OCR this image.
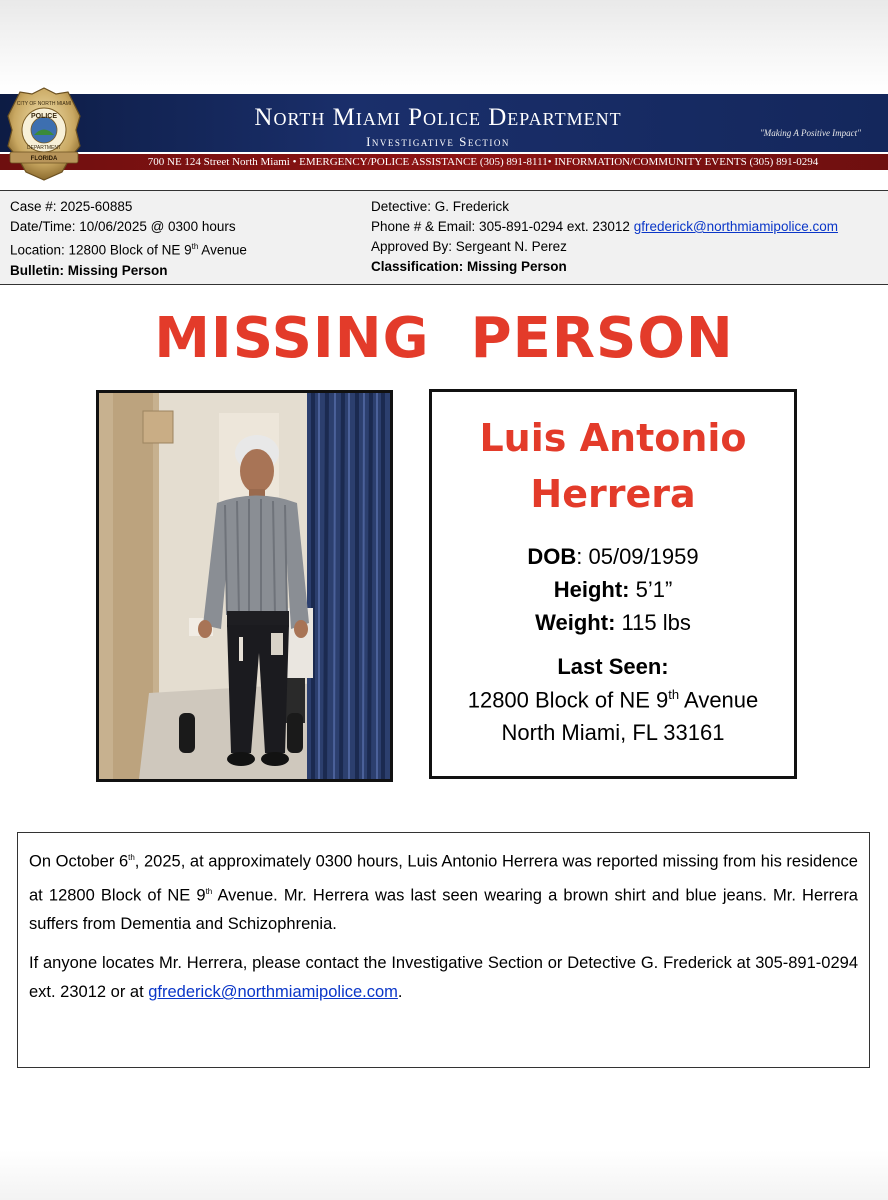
CITY OF NORTH MIAMI
POLICE
DEPARTMENT
FLORIDA
North Miami Police Department
Investigative Section
"Making A Positive Impact"
700 NE 124 Street North Miami • EMERGENCY/POLICE ASSISTANCE (305) 891-8111• INFORMATION/COMMUNITY EVENTS (305) 891-0294
Case #: 2025-60885
Date/Time: 10/06/2025 @ 0300 hours
Location: 12800 Block of NE 9th Avenue
Bulletin: Missing Person
Detective: G. Frederick
Phone # & Email: 305-891-0294 ext. 23012 gfrederick@northmiamipolice.com
Approved By: Sergeant N. Perez
Classification: Missing Person
MISSING  PERSON
Luis Antonio
Herrera
DOB: 05/09/1959
Height: 5’1”
Weight: 115 lbs
Last Seen:
12800 Block of NE 9th Avenue
North Miami, FL 33161

On October 6th, 2025, at approximately 0300 hours, Luis Antonio Herrera was reported missing from his residence at 12800 Block of NE 9th Avenue. Mr. Herrera was last seen wearing a brown shirt and blue jeans. Mr. Herrera suffers from Dementia and Schizophrenia.

If anyone locates Mr. Herrera, please contact the Investigative Section or Detective G. Frederick at 305-891-0294 ext. 23012 or at gfrederick@northmiamipolice.com.
